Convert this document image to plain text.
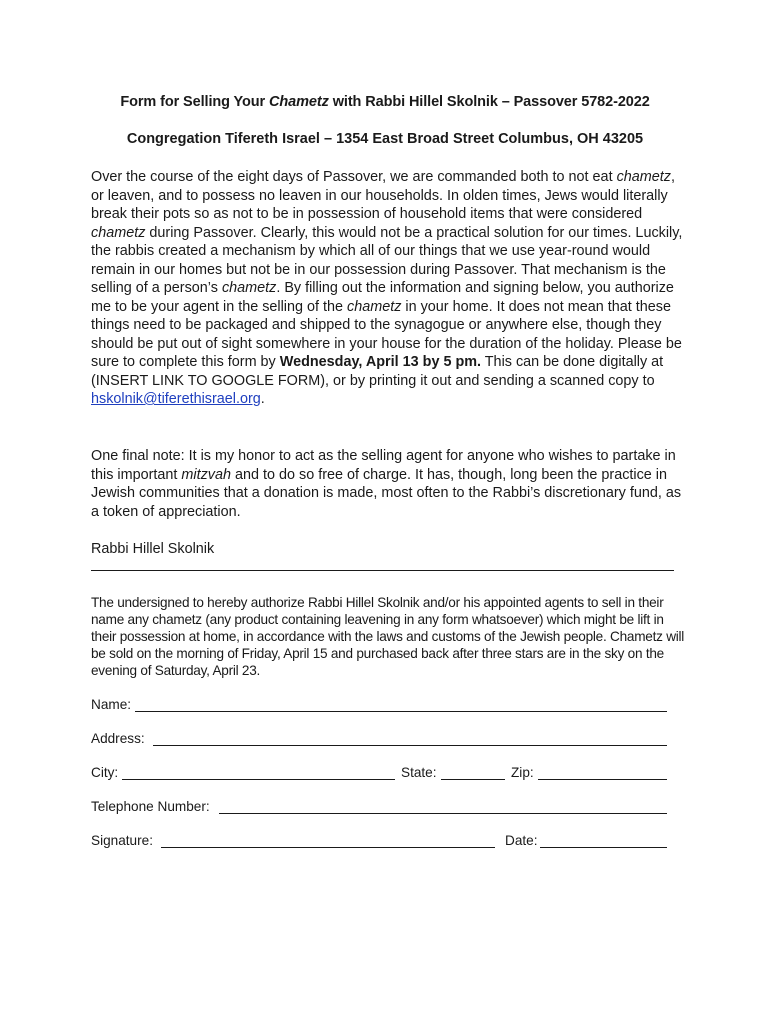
Form for Selling Your Chametz with Rabbi Hillel Skolnik – Passover 5782-2022
Congregation Tifereth Israel – 1354 East Broad Street Columbus, OH 43205
Over the course of the eight days of Passover, we are commanded both to not eat chametz, or leaven, and to possess no leaven in our households. In olden times, Jews would literally break their pots so as not to be in possession of household items that were considered chametz during Passover. Clearly, this would not be a practical solution for our times. Luckily, the rabbis created a mechanism by which all of our things that we use year-round would remain in our homes but not be in our possession during Passover. That mechanism is the selling of a person’s chametz. By filling out the information and signing below, you authorize me to be your agent in the selling of the chametz in your home. It does not mean that these things need to be packaged and shipped to the synagogue or anywhere else, though they should be put out of sight somewhere in your house for the duration of the holiday. Please be sure to complete this form by Wednesday, April 13 by 5 pm. This can be done digitally at (INSERT LINK TO GOOGLE FORM), or by printing it out and sending a scanned copy to hskolnik@tiferethisrael.org.
One final note: It is my honor to act as the selling agent for anyone who wishes to partake in this important mitzvah and to do so free of charge. It has, though, long been the practice in Jewish communities that a donation is made, most often to the Rabbi’s discretionary fund, as a token of appreciation.
Rabbi Hillel Skolnik
The undersigned to hereby authorize Rabbi Hillel Skolnik and/or his appointed agents to sell in their name any chametz (any product containing leavening in any form whatsoever) which might be lift in their possession at home, in accordance with the laws and customs of the Jewish people. Chametz will be sold on the morning of Friday, April 15 and purchased back after three stars are in the sky on the evening of Saturday, April 23.
Name:
Address:
City:	State:	Zip:
Telephone Number:
Signature:	Date:
